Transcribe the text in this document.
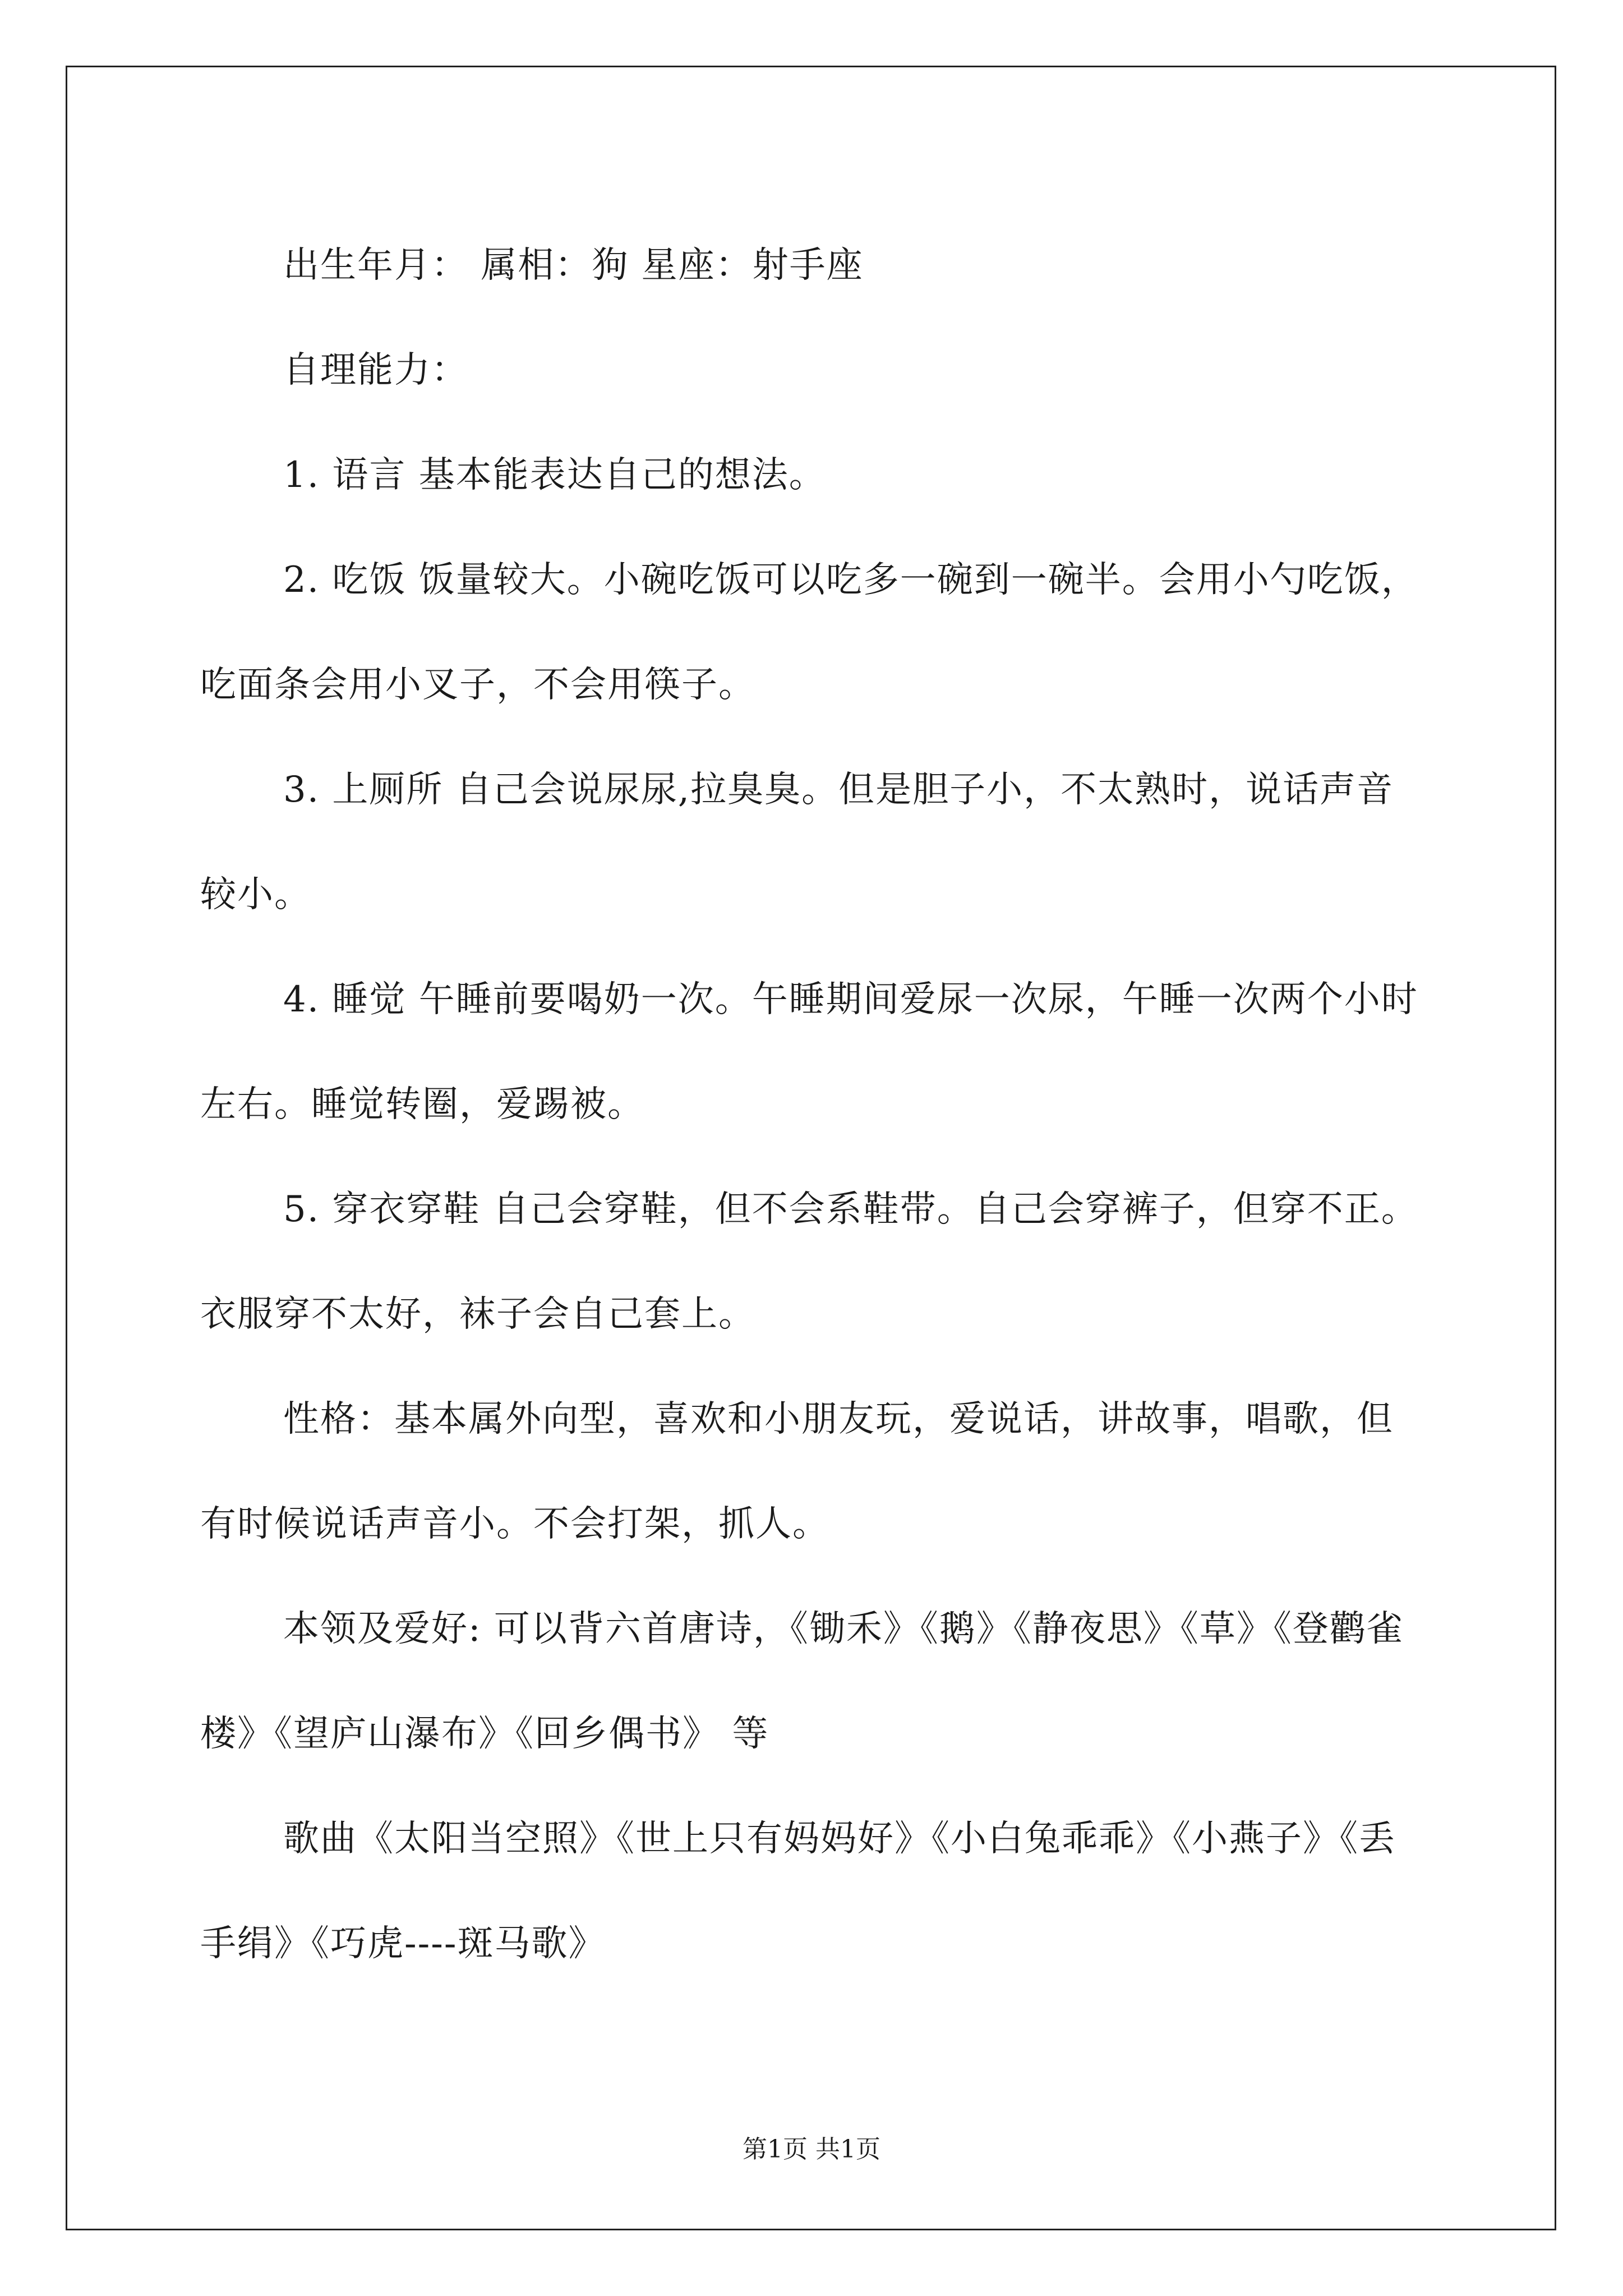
出生年月： 属相：狗 星座：射手座

自理能力：

1. 语言 基本能表达自己的想法。

2. 吃饭 饭量较大。小碗吃饭可以吃多一碗到一碗半。会用小勺吃饭，吃面条会用小叉子，不会用筷子。

3. 上厕所 自己会说尿尿,拉臭臭。但是胆子小，不太熟时，说话声音较小。

4. 睡觉 午睡前要喝奶一次。午睡期间爱尿一次尿，午睡一次两个小时左右。睡觉转圈，爱踢被。

5. 穿衣穿鞋 自己会穿鞋，但不会系鞋带。自己会穿裤子，但穿不正。衣服穿不太好，袜子会自己套上。

性格：基本属外向型，喜欢和小朋友玩，爱说话，讲故事，唱歌，但有时候说话声音小。不会打架，抓人。

本领及爱好: 可以背六首唐诗，《锄禾》《鹅》《静夜思》《草》《登鹳雀楼》《望庐山瀑布》《回乡偶书》 等

歌曲《太阳当空照》《世上只有妈妈好》《小白兔乖乖》《小燕子》《丢手绢》《巧虎----斑马歌》

第1页 共1页
